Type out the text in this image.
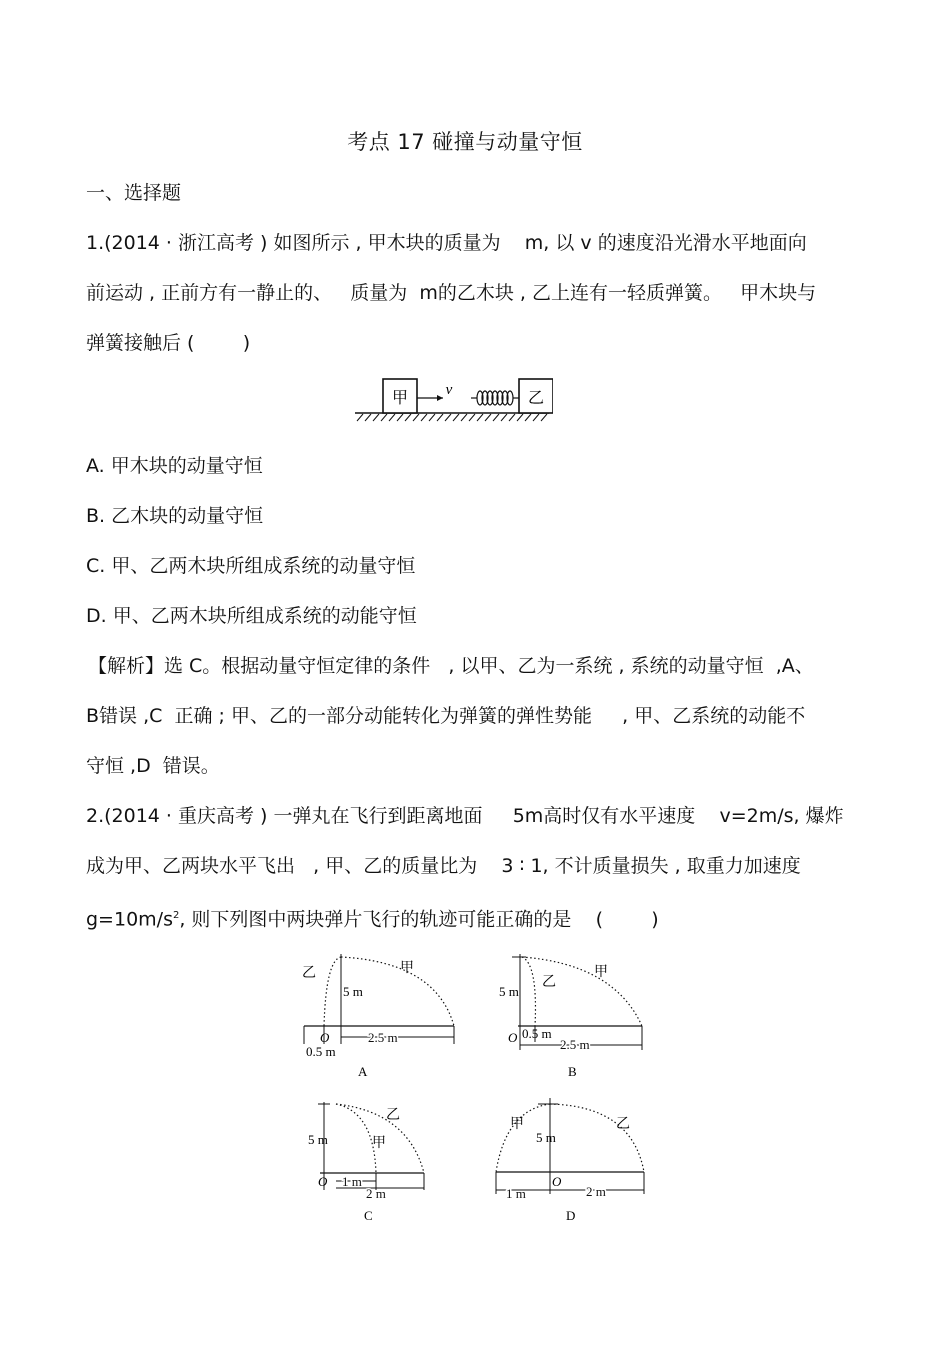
考点 17 碰撞与动量守恒
一、选择题
1.(2014 · 浙江高考 ) 如图所示 , 甲木块的质量为    m, 以 v 的速度沿光滑水平地面向
前运动 , 正前方有一静止的、   质量为  m的乙木块 , 乙上连有一轻质弹簧。   甲木块与
弹簧接触后 (        )
甲	v	乙
A. 甲木块的动量守恒
B. 乙木块的动量守恒
C. 甲、乙两木块所组成系统的动量守恒
D. 甲、乙两木块所组成系统的动能守恒
【解析】选 C。根据动量守恒定律的条件   , 以甲、乙为一系统 , 系统的动量守恒  ,A、
B错误 ,C  正确 ; 甲、乙的一部分动能转化为弹簧的弹性势能     , 甲、乙系统的动能不
守恒 ,D  错误。
2.(2014 · 重庆高考 ) 一弹丸在飞行到距离地面     5m高时仅有水平速度    v=2m/s, 爆炸
成为甲、乙两块水平飞出   , 甲、乙的质量比为    3 ∶ 1, 不计质量损失 , 取重力加速度
$g=10m/s^2$, 则下列图中两块弹片飞行的轨迹可能正确的是    (        )
乙	甲
5 m
O	2.5 m
0.5 m
A
乙
甲
5 m
O 0.5 m
2.5 m
B
乙
甲
5 m
O 1 m
2 m
C
甲	乙
5 m
O
1 m	2 m
D
